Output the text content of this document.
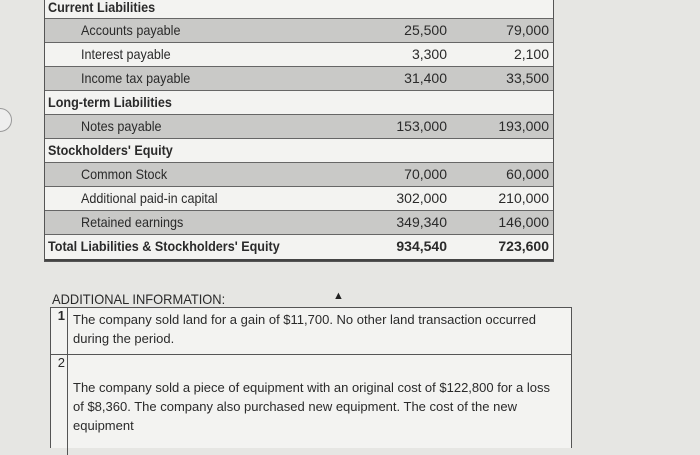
Current Liabilities
Accounts payable	25,500	79,000
Interest payable	3,300	2,100
Income tax payable	31,400	33,500
Long-term Liabilities
Notes payable	153,000	193,000
Stockholders' Equity
Common Stock	70,000	60,000
Additional paid-in capital	302,000	210,000
Retained earnings	349,340	146,000
Total Liabilities & Stockholders' Equity	934,540	723,600
ADDITIONAL INFORMATION:	▲
1 The company sold land for a gain of $11,700. No other land transaction occurred during the period.
2
The company sold a piece of equipment with an original cost of $122,800 for a loss of $8,360. The company also purchased new equipment. The cost of the new equipment
